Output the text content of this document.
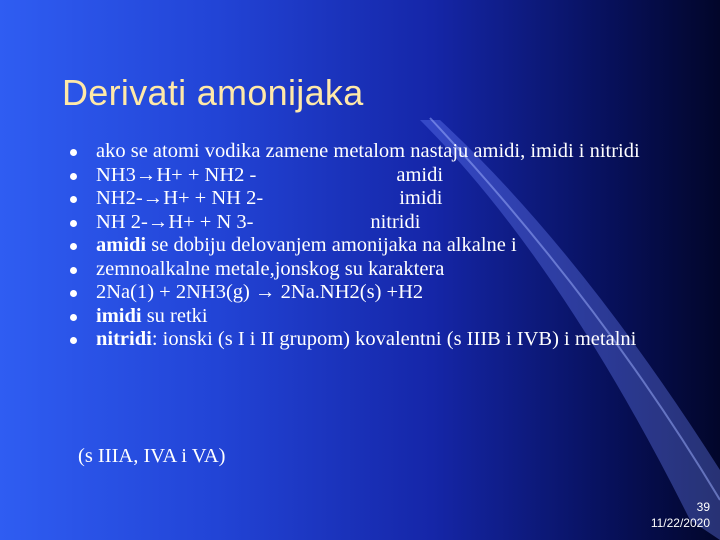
Derivati amonijaka
ako se atomi vodika zamene metalom nastaju amidi, imidi i nitridi
NH3 → H+ + NH2 -	amidi
NH2- → H+ + NH 2-	imidi
NH 2- → H+ + N 3-	nitridi
amidi se dobiju delovanjem amonijaka na alkalne i
zemnoalkalne metale,jonskog su karaktera
2Na(1) + 2NH3(g) → 2Na.NH2(s) +H2
imidi su retki
nitridi: ionski (s I i II grupom) kovalentni (s IIIB i IVB) i metalni
(s IIIA, IVA i VA)
39
11/22/2020
